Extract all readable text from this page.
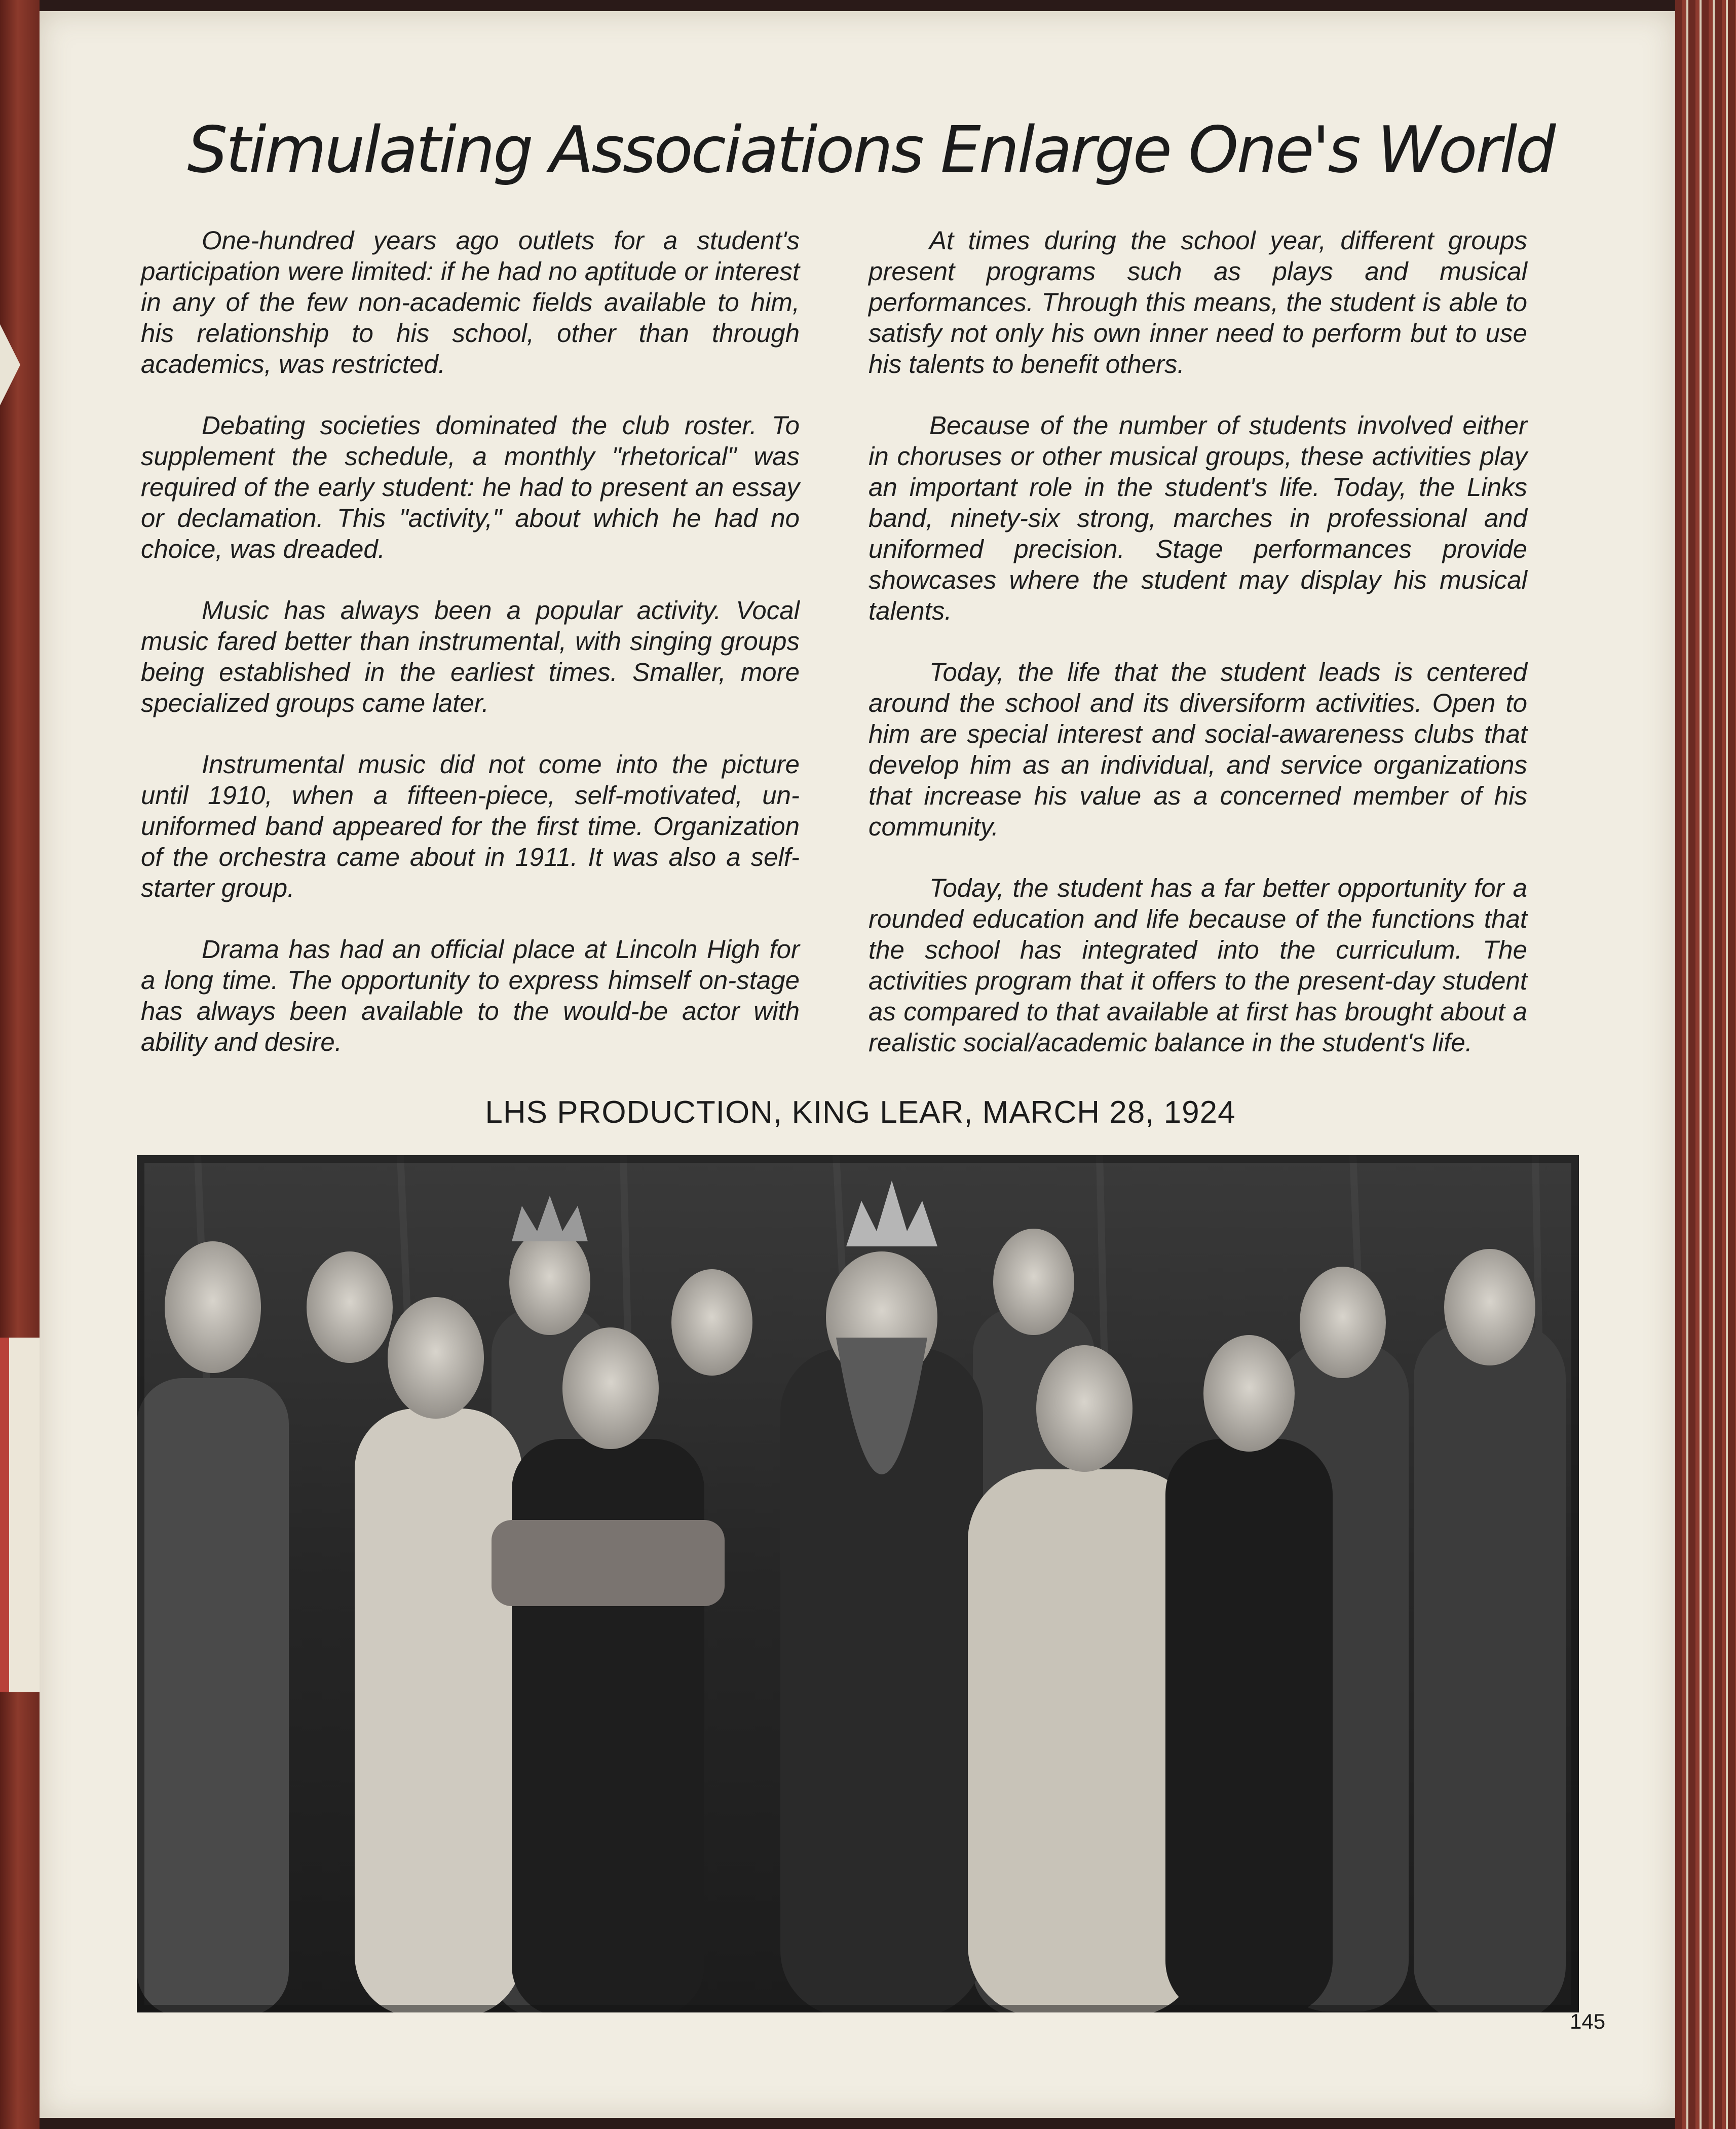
Stimulating Associations Enlarge One's World

One-hundred years ago outlets for a student's participation were limited: if he had no aptitude or interest in any of the few non-academic fields available to him, his relationship to his school, other than through academics, was restricted.

Debating societies dominated the club roster. To supplement the schedule, a monthly "rhetorical" was required of the early student: he had to present an essay or declamation. This "activity," about which he had no choice, was dreaded.

Music has always been a popular activity. Vocal music fared better than instrumental, with singing groups being established in the earliest times. Smaller, more specialized groups came later.

Instrumental music did not come into the picture until 1910, when a fifteen-piece, self-motivated, un-uniformed band appeared for the first time. Organization of the orchestra came about in 1911. It was also a self-starter group.

Drama has had an official place at Lincoln High for a long time. The opportunity to express himself on-stage has always been available to the would-be actor with ability and desire.

At times during the school year, different groups present programs such as plays and musical performances. Through this means, the student is able to satisfy not only his own inner need to perform but to use his talents to benefit others.

Because of the number of students involved either in choruses or other musical groups, these activities play an important role in the student's life. Today, the Links band, ninety-six strong, marches in professional and uniformed precision. Stage performances provide showcases where the student may display his musical talents.

Today, the life that the student leads is centered around the school and its diversiform activities. Open to him are special interest and social-awareness clubs that develop him as an individual, and service organizations that increase his value as a concerned member of his community.

Today, the student has a far better opportunity for a rounded education and life because of the functions that the school has integrated into the curriculum. The activities program that it offers to the present-day student as compared to that available at first has brought about a realistic social/academic balance in the student's life.

LHS PRODUCTION, KING LEAR, MARCH 28, 1924
145
